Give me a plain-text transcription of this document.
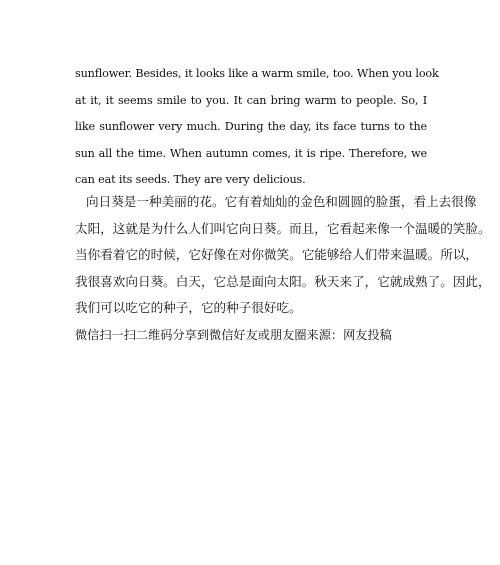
sunflower. Besides, it looks like a warm smile, too. When you look
at it, it seems smile to you. It can bring warm to people. So, I
like sunflower very much. During the day, its face turns to the
sun all the time. When autumn comes, it is ripe. Therefore, we
can eat its seeds. They are very delicious.
向日葵是一种美丽的花。它有着灿灿的金色和圆圆的脸蛋，看上去很像
太阳，这就是为什么人们叫它向日葵。而且，它看起来像一个温暖的笑脸。
当你看着它的时候，它好像在对你微笑。它能够给人们带来温暖。所以，
我很喜欢向日葵。白天，它总是面向太阳。秋天来了，它就成熟了。因此，
我们可以吃它的种子，它的种子很好吃。
微信扫一扫二维码分享到微信好友或朋友圈来源：网友投稿
